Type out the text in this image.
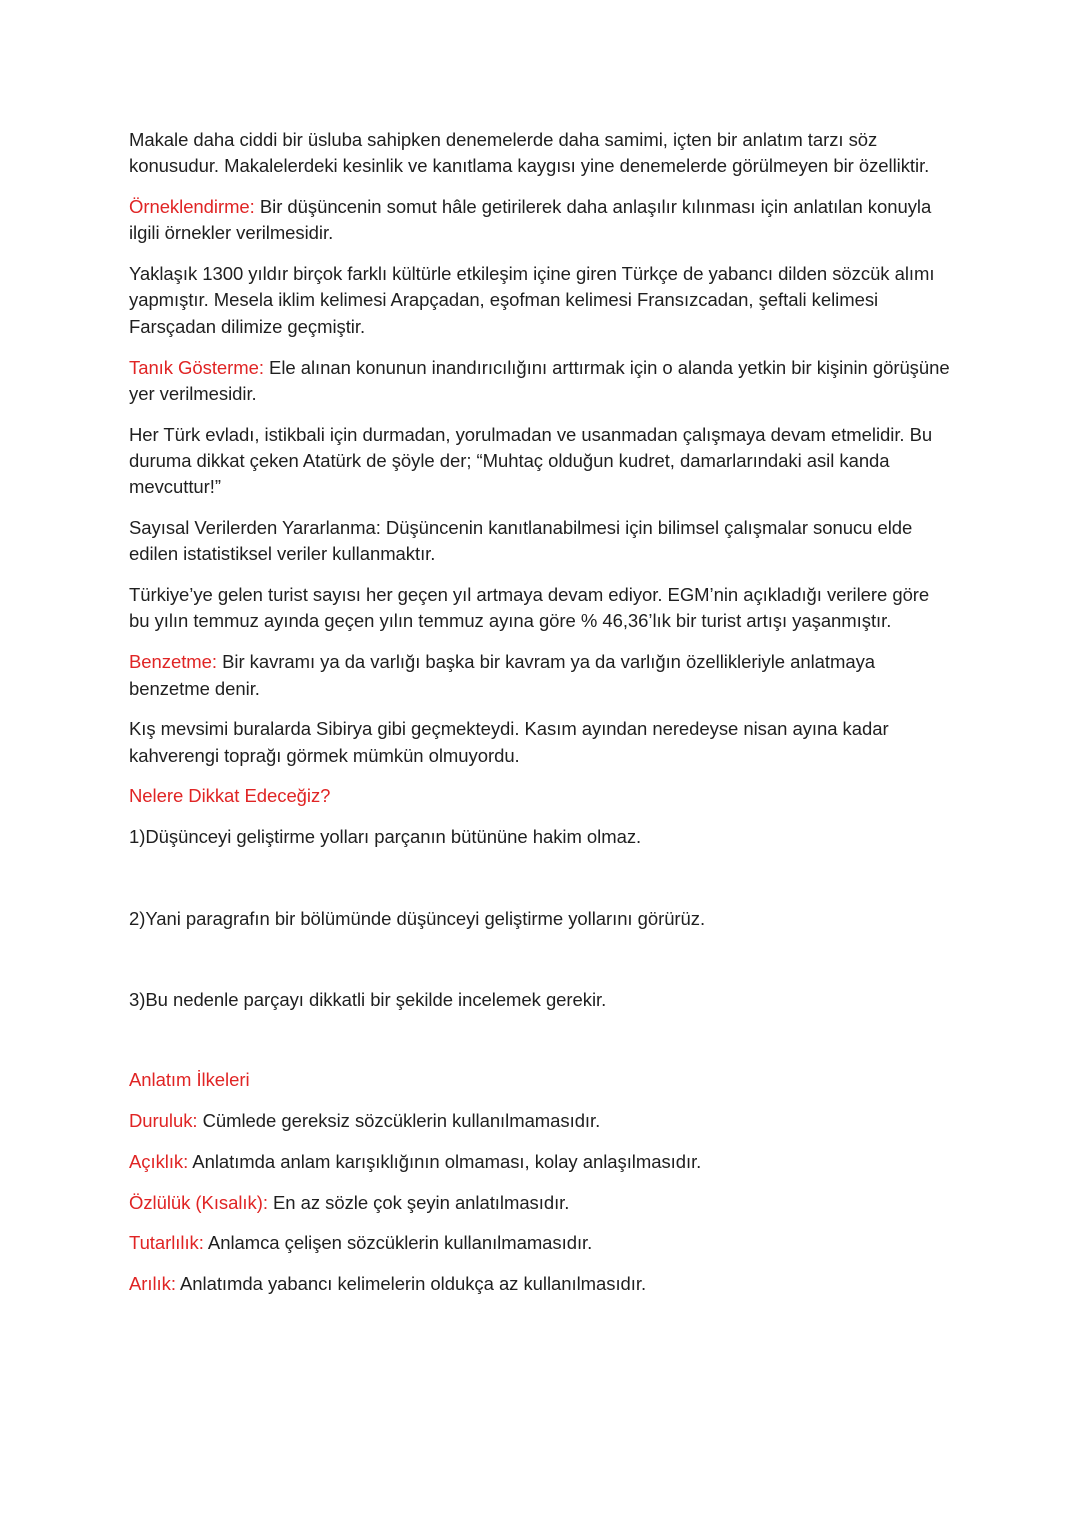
Makale daha ciddi bir üsluba sahipken denemelerde daha samimi, içten bir anlatım tarzı söz konusudur. Makalelerdeki kesinlik ve kanıtlama kaygısı yine denemelerde görülmeyen bir özelliktir.

Örneklendirme: Bir düşüncenin somut hâle getirilerek daha anlaşılır kılınması için anlatılan konuyla ilgili örnekler verilmesidir.

Yaklaşık 1300 yıldır birçok farklı kültürle etkileşim içine giren Türkçe de yabancı dilden sözcük alımı yapmıştır. Mesela iklim kelimesi Arapçadan, eşofman kelimesi Fransızcadan, şeftali kelimesi Farsçadan dilimize geçmiştir.

Tanık Gösterme: Ele alınan konunun inandırıcılığını arttırmak için o alanda yetkin bir kişinin görüşüne yer verilmesidir.

Her Türk evladı, istikbali için durmadan, yorulmadan ve usanmadan çalışmaya devam etmelidir. Bu duruma dikkat çeken Atatürk de şöyle der; “Muhtaç olduğun kudret, damarlarındaki asil kanda mevcuttur!”

Sayısal Verilerden Yararlanma: Düşüncenin kanıtlanabilmesi için bilimsel çalışmalar sonucu elde edilen istatistiksel veriler kullanmaktır.

Türkiye’ye gelen turist sayısı her geçen yıl artmaya devam ediyor. EGM’nin açıkladığı verilere göre bu yılın temmuz ayında geçen yılın temmuz ayına göre % 46,36’lık bir turist artışı yaşanmıştır.

Benzetme: Bir kavramı ya da varlığı başka bir kavram ya da varlığın özellikleriyle anlatmaya benzetme denir.

Kış mevsimi buralarda Sibirya gibi geçmekteydi. Kasım ayından neredeyse nisan ayına kadar kahverengi toprağı görmek mümkün olmuyordu.

Nelere Dikkat Edeceğiz?

1)Düşünceyi geliştirme yolları parçanın bütününe hakim olmaz.

2)Yani paragrafın bir bölümünde düşünceyi geliştirme yollarını görürüz.

3)Bu nedenle parçayı dikkatli bir şekilde incelemek gerekir.

Anlatım İlkeleri

Duruluk: Cümlede gereksiz sözcüklerin kullanılmamasıdır.

Açıklık: Anlatımda anlam karışıklığının olmaması, kolay anlaşılmasıdır.

Özlülük (Kısalık): En az sözle çok şeyin anlatılmasıdır.

Tutarlılık: Anlamca çelişen sözcüklerin kullanılmamasıdır.

Arılık: Anlatımda yabancı kelimelerin oldukça az kullanılmasıdır.
